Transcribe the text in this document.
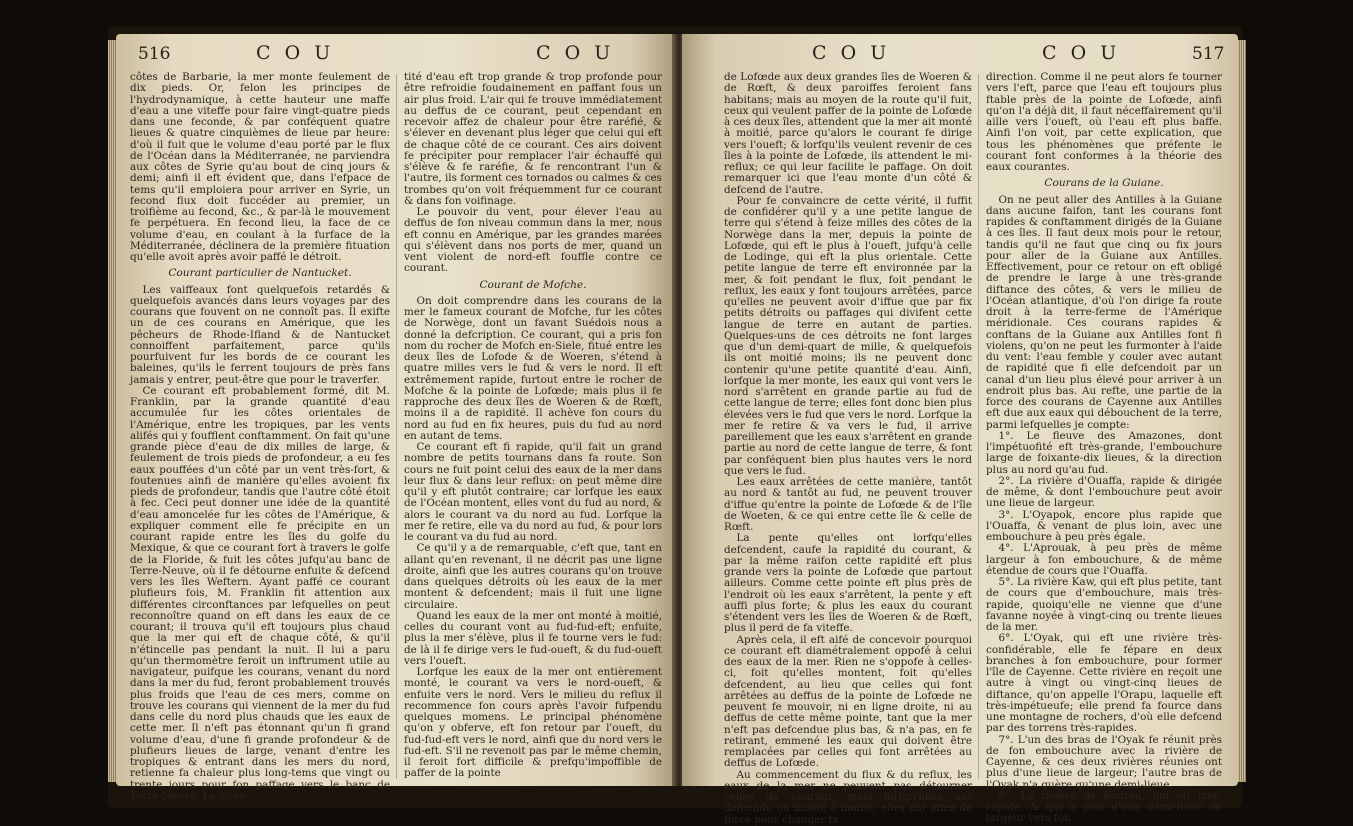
516	C O U	C O U

côtes de Barbarie, la mer monte feulement de dix pieds. Or, felon les principes de l'hydrodynamique, à cette hauteur une maffe d'eau a une viteffe pour faire vingt-quatre pieds dans une feconde, & par conféquent quatre lieues & quatre cinquièmes de lieue par heure: d'où il fuit que le volume d'eau porté par le flux de l'Océan dans la Méditerranée, ne parviendra aux côtes de Syrie qu'au bout de cinq jours & demi; ainfi il eft évident que, dans l'efpace de tems qu'il emploiera pour arriver en Syrie, un fecond flux doit fuccéder au premier, un troifième au fecond, &c., & par-là le mouvement fe perpétuera. En fecond lieu, la face de ce volume d'eau, en coulant à la furface de la Méditerranée, déclinera de la première fituation qu'elle avoit après avoir paffé le détroit.

Courant particulier de Nantucket.

Les vaiffeaux font quelquefois retardés & quelquefois avancés dans leurs voyages par des courans que fouvent on ne connoît pas. Il exifte un de ces courans en Amérique, que les pêcheurs de Rhode-Ifland & de Nantucket connoiffent parfaitement, parce qu'ils pourfuivent fur les bords de ce courant les baleines, qu'ils le ferrent toujours de près fans jamais y entrer, peut-être que pour le traverfer.

Ce courant eft probablement formé, dit M. Franklin, par la grande quantité d'eau accumulée fur les côtes orientales de l'Amérique, entre les tropiques, par les vents alifés qui y foufflent conftamment. On fait qu'une grande pièce d'eau de dix milles de large, & feulement de trois pieds de profondeur, a eu fes eaux pouffées d'un côté par un vent très-fort, & foutenues ainfi de manière qu'elles avoient fix pieds de profondeur, tandis que l'autre côté étoit à fec. Ceci peut donner une idée de la quantité d'eau amoncelée fur les côtes de l'Amérique, & expliquer comment elle fe précipite en un courant rapide entre les îles du golfe du Mexique, & que ce courant fort à travers le golfe de la Floride, & fuit les côtes jufqu'au banc de Terre-Neuve, où il fe détourne enfuite & defcend vers les îles Weftern. Ayant paffé ce courant plufieurs fois, M. Franklin fit attention aux différentes circonftances par lefquelles on peut reconnoître quand on eft dans les eaux de ce courant; il trouva qu'il eft toujours plus chaud que la mer qui eft de chaque côté, & qu'il n'étincelle pas pendant la nuit. Il lui a paru qu'un thermomètre feroit un inftrument utile au navigateur, puifque les courans, venant du nord dans la mer du fud, feront probablement trouvés plus froids que l'eau de ces mers, comme on trouve les courans qui viennent de la mer du fud dans celle du nord plus chauds que les eaux de cette mer. Il n'eft pas étonnant qu'un fi grand volume d'eau, d'une fi grande profondeur & de plufieurs lieues de large, venant d'entre les tropiques & entrant dans les mers du nord, retienne fa chaleur plus long-tems que vingt ou trente jours pour fon paffage vers le banc de Terre-Neuve. La quan-

tité d'eau eft trop grande & trop profonde pour être refroidie foudainement en paffant fous un air plus froid. L'air qui fe trouve immédiatement au deffus de ce courant, peut cependant en recevoir affez de chaleur pour être raréfié, & s'élever en devenant plus léger que celui qui eft de chaque côté de ce courant. Ces airs doivent fe précipiter pour remplacer l'air échauffé qui s'élève & fe raréfie, & fe rencontrant l'un & l'autre, ils forment ces tornados ou calmes & ces trombes qu'on voit fréquemment fur ce courant & dans fon voifinage.

Le pouvoir du vent, pour élever l'eau au deffus de fon niveau commun dans la mer, nous eft connu en Amérique, par les grandes marées qui s'élèvent dans nos ports de mer, quand un vent violent de nord-eft fouffle contre ce courant.

Courant de Mofche.

On doit comprendre dans les courans de la mer le fameux courant de Mofche, fur les côtes de Norwège, dont un favant Suédois nous a donné la defcription. Ce courant, qui a pris fon nom du rocher de Mofch en-Siele, fitué entre les deux îles de Lofode & de Woeren, s'étend à quatre milles vers le fud & vers le nord. Il eft extrêmement rapide, furtout entre le rocher de Mofche & la pointe de Lofœde; mais plus il fe rapproche des deux îles de Woeren & de Rœft, moins il a de rapidité. Il achève fon cours du nord au fud en fix heures, puis du fud au nord en autant de tems.

Ce courant eft fi rapide, qu'il fait un grand nombre de petits tournans dans fa route. Son cours ne fuit point celui des eaux de la mer dans leur flux & dans leur reflux: on peut même dire qu'il y eft plutôt contraire; car lorfque les eaux de l'Océan montent, elles vont du fud au nord, & alors le courant va du nord au fud. Lorfque la mer fe retire, elle va du nord au fud, & pour lors le courant va du fud au nord.

Ce qu'il y a de remarquable, c'eft que, tant en allant qu'en revenant, il ne décrit pas une ligne droite, ainfi que les autres courans qu'on trouve dans quelques détroits où les eaux de la mer montent & defcendent; mais il fuit une ligne circulaire.

Quand les eaux de la mer ont monté à moitié, celles du courant vont au fud-fud-eft; enfuite, plus la mer s'élève, plus il fe tourne vers le fud: de là il fe dirige vers le fud-oueft, & du fud-oueft vers l'oueft.

Lorfque les eaux de la mer ont entièrement monté, le courant va vers le nord-oueft, & enfuite vers le nord. Vers le milieu du reflux il recommence fon cours après l'avoir fufpendu quelques momens. Le principal phénomène qu'on y obferve, eft fon retour par l'oueft, du fud-fud-eft vers le nord, ainfi que du nord vers le fud-eft. S'il ne revenoit pas par le même chemin, il feroit fort difficile & prefqu'impoffible de paffer de la pointe

C O U	C O U	517

de Lofœde aux deux grandes îles de Woeren & de Rœft, & deux paroiffes feroient fans habitans; mais au moyen de la route qu'il fuit, ceux qui veulent paffer de la pointe de Lofœde à ces deux îles, attendent que la mer ait monté à moitié, parce qu'alors le courant fe dirige vers l'oueft; & lorfqu'ils veulent revenir de ces îles à la pointe de Lofœde, ils attendent le mi-reflux; ce qui leur facilite le paffage. On doit remarquer ici que l'eau monte d'un côté & defcend de l'autre.

Pour fe convaincre de cette vérité, il fuffit de confidérer qu'il y a une petite langue de terre qui s'étend à feize milles des côtes de la Norwège dans la mer, depuis la pointe de Lofœde, qui eft le plus à l'oueft, jufqu'à celle de Lodinge, qui eft la plus orientale. Cette petite langue de terre eft environnée par la mer, & foit pendant le flux, foit pendant le reflux, les eaux y font toujours arrêtées, parce qu'elles ne peuvent avoir d'iffue que par fix petits détroits ou paffages qui divifent cette langue de terre en autant de parties. Quelques-uns de ces détroits ne font larges que d'un demi-quart de mille, & quelquefois ils ont moitié moins; ils ne peuvent donc contenir qu'une petite quantité d'eau. Ainfi, lorfque la mer monte, les eaux qui vont vers le nord s'arrêtent en grande partie au fud de cette langue de terre; elles font donc bien plus élevées vers le fud que vers le nord. Lorfque la mer fe retire & va vers le fud, il arrive pareillement que les eaux s'arrêtent en grande partie au nord de cette langue de terre, & font par conféquent bien plus hautes vers le nord que vers le fud.

Les eaux arrêtées de cette manière, tantôt au nord & tantôt au fud, ne peuvent trouver d'iffue qu'entre la pointe de Lofœde & de l'île de Woeten, & ce qui entre cette île & celle de Rœft.

La pente qu'elles ont lorfqu'elles defcendent, caufe la rapidité du courant, & par la même raifon cette rapidité eft plus grande vers la pointe de Lofœde que partout ailleurs. Comme cette pointe eft plus près de l'endroit où les eaux s'arrêtent, la pente y eft auffi plus forte; & plus les eaux du courant s'étendent vers les îles de Woeren & de Rœft, plus il perd de fa viteffe.

Après cela, il eft aifé de concevoir pourquoi ce courant eft diamétralement oppofé à celui des eaux de la mer. Rien ne s'oppofe à celles-ci, foit qu'elles montent, foit qu'elles defcendent, au lieu que celles qui font arrêtées au deffus de la pointe de Lofœde ne peuvent fe mouvoir, ni en ligne droite, ni au deffus de cette même pointe, tant que la mer n'eft pas defcendue plus bas, & n'a pas, en fe retirant, emmené les eaux qui doivent être remplacées par celles qui font arrêtées au deffus de Lofœde.

Au commencement du flux & du reflux, les eaux de la mer ne peuvent pas détourner celles du courant; mais lorfqu'elles ont defcendu ou monté à moitié, elles ont affez de force pour changer fa

direction. Comme il ne peut alors fe tourner vers l'eft, parce que l'eau eft toujours plus ftable près de la pointe de Lofœde, ainfi qu'on l'a déjà dit, il faut néceffairement qu'il aille vers l'oueft, où l'eau eft plus baffe. Ainfi l'on voit, par cette explication, que tous les phénomènes que préfente le courant font conformes à la théorie des eaux courantes.

Courans de la Guiane.

On ne peut aller des Antilles à la Guiane dans aucune faifon, tant les courans font rapides & conftamment dirigés de la Guiane à ces îles. Il faut deux mois pour le retour, tandis qu'il ne faut que cinq ou fix jours pour aller de la Guiane aux Antilles. Effectivement, pour ce retour on eft obligé de prendre le large à une très-grande diftance des côtes, & vers le milieu de l'Océan atlantique, d'où l'on dirige fa route droit à la terre-ferme de l'Amérique méridionale. Ces courans rapides & conftans de la Guiane aux Antilles font fi violens, qu'on ne peut les furmonter à l'aide du vent: l'eau femble y couler avec autant de rapidité que fi elle defcendoit par un canal d'un lieu plus élevé pour arriver à un endroit plus bas. Au refte, une partie de la force des courans de Cayenne aux Antilles eft due aux eaux qui débouchent de la terre, parmi lefquelles je compte:

1°. Le fleuve des Amazones, dont l'impétuofité eft très-grande, l'embouchure large de foixante-dix lieues, & la direction plus au nord qu'au fud.

2°. La rivière d'Ouaffa, rapide & dirigée de même, & dont l'embouchure peut avoir une lieue de largeur.

3°. L'Oyapok, encore plus rapide que l'Ouaffa, & venant de plus loin, avec une embouchure à peu près égale.

4°. L'Aprouak, à peu près de même largeur à fon embouchure, & de même étendue de cours que l'Ouaffa.

5°. La rivière Kaw, qui eft plus petite, tant de cours que d'embouchure, mais très-rapide, quoiqu'elle ne vienne que d'une favanne noyée à vingt-cinq ou trente lieues de la mer.

6°. L'Oyak, qui eft une rivière très-confidérable, elle fe fépare en deux branches à fon embouchure, pour former l'île de Cayenne. Cette rivière en reçoit une autre à vingt ou vingt-cinq lieues de diftance, qu'on appelle l'Orapu, laquelle eft très-impétueufe; elle prend fa fource dans une montagne de rochers, d'où elle defcend par des torrens très-rapides.

7°. L'un des bras de l'Oyak fe réunit près de fon embouchure avec la rivière de Cayenne, & ces deux rivières réunies ont plus d'une lieue de largeur; l'autre bras de l'Oyak n'a guère qu'une demi-lieue.

8°. La rivière de Kourou, qui eft très-rapide, & qui a plus d'une demi-lieue de largeur vers fon
